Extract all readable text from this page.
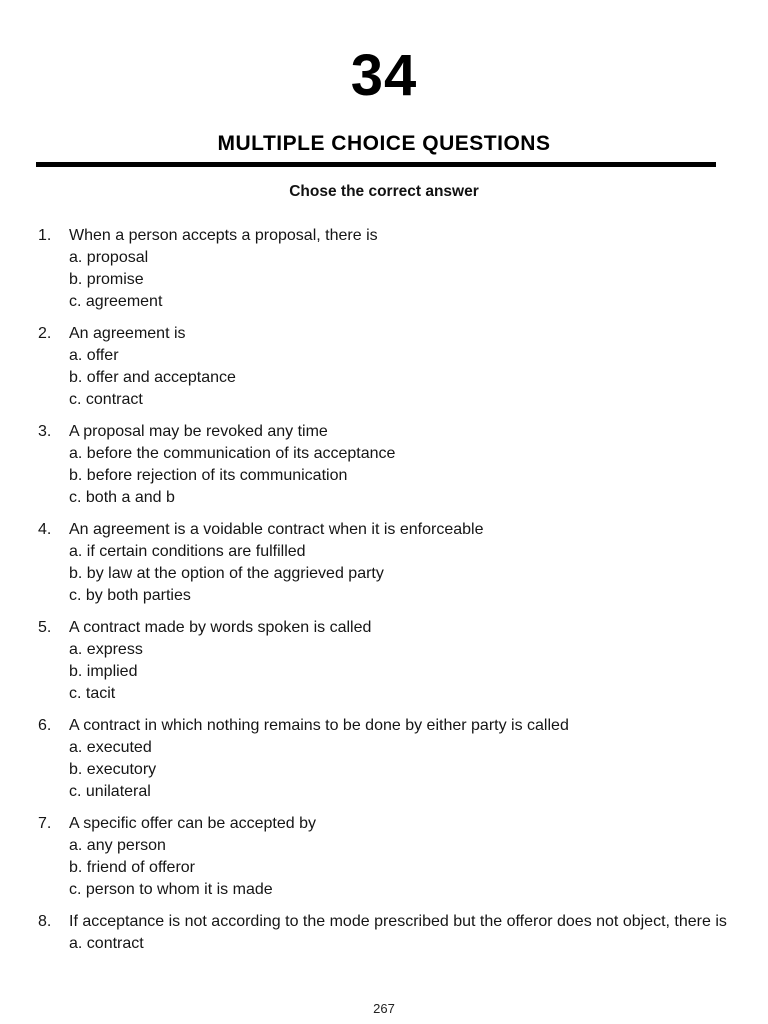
34
MULTIPLE CHOICE QUESTIONS
Chose the correct answer
1. When a person accepts a proposal, there is
a. proposal
b. promise
c. agreement
2. An agreement is
a. offer
b. offer and acceptance
c. contract
3. A proposal may be revoked any time
a. before the communication of its acceptance
b. before rejection of its communication
c. both a and b
4. An agreement is a voidable contract when it is enforceable
a. if certain conditions are fulfilled
b. by law at the option of the aggrieved party
c. by both parties
5. A contract made by words spoken is called
a. express
b. implied
c. tacit
6. A contract in which nothing remains to be done by either party is called
a. executed
b. executory
c. unilateral
7. A specific offer can be accepted by
a. any person
b. friend of offeror
c. person to whom it is made
8. If acceptance is not according to the mode prescribed but the offeror does not object, there is
a. contract
267
